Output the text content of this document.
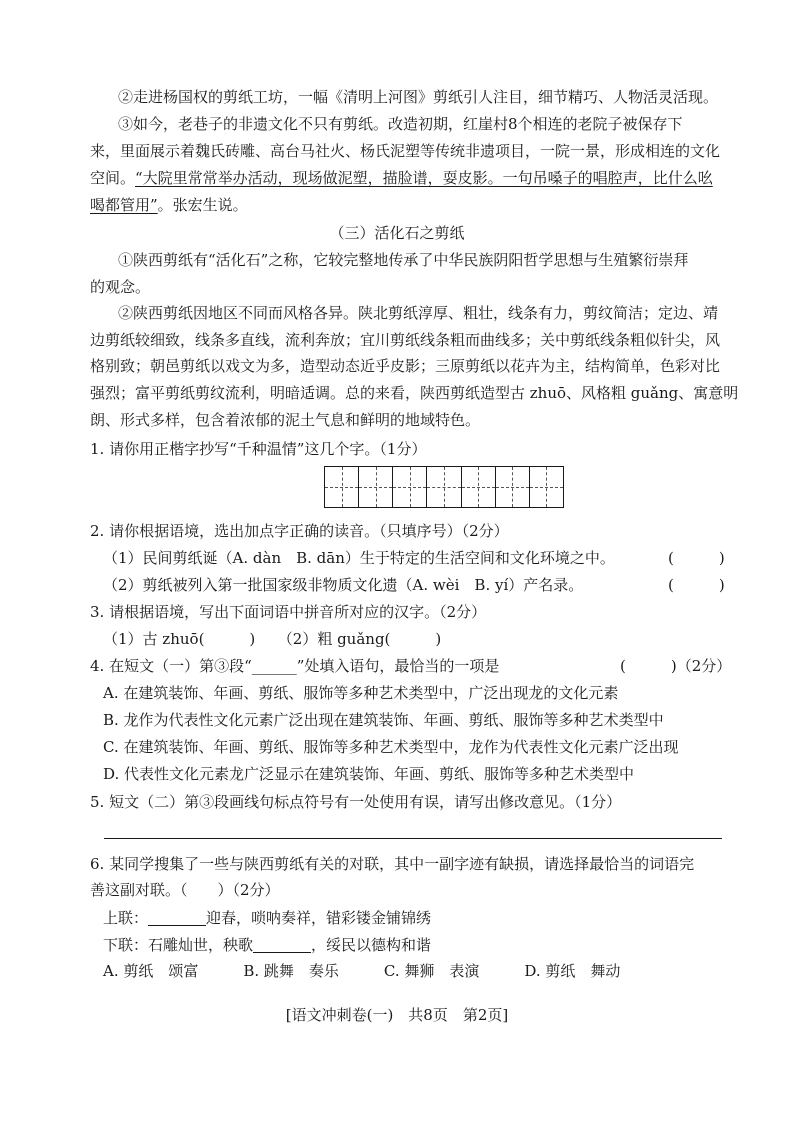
②走进杨国权的剪纸工坊，一幅《清明上河图》剪纸引人注目，细节精巧、人物活灵活现。
③如今，老巷子的非遗文化不只有剪纸。改造初期，红崖村8个相连的老院子被保存下
来，里面展示着魏氏砖雕、高台马社火、杨氏泥塑等传统非遗项目，一院一景，形成相连的文化
空间。“大院里常常举办活动，现场做泥塑，描脸谱，耍皮影。一句吊嗓子的唱腔声，比什么吆
喝都管用”。张宏生说。
（三）活化石之剪纸
①陕西剪纸有“活化石”之称，它较完整地传承了中华民族阴阳哲学思想与生殖繁衍崇拜
的观念。
②陕西剪纸因地区不同而风格各异。陕北剪纸淳厚、粗壮，线条有力，剪纹简洁；定边、靖
边剪纸较细致，线条多直线，流利奔放；宜川剪纸线条粗而曲线多；关中剪纸线条粗似针尖，风
格别致；朝邑剪纸以戏文为多，造型动态近乎皮影；三原剪纸以花卉为主，结构简单，色彩对比
强烈；富平剪纸剪纹流利，明暗适调。总的来看，陕西剪纸造型古 zhuō、风格粗 guǎng、寓意明
朗、形式多样，包含着浓郁的泥土气息和鲜明的地域特色。
1. 请你用正楷字抄写“千种温情”这几个字。（1分）
2. 请你根据语境，选出加点字正确的读音。（只填序号）（2分）
（1）民间剪纸诞（A. dàn　B. dān）生于特定的生活空间和文化环境之中。	(　　　)
（2）剪纸被列入第一批国家级非物质文化遗（A. wèi　B. yí）产名录。	(　　　)
3. 请根据语境，写出下面词语中拼音所对应的汉字。（2分）
（1）古 zhuō(　　　)　　（2）粗 guǎng(　　　)
4. 在短文（一）第③段“______”处填入语句，最恰当的一项是	(　　　)（2分）
A. 在建筑装饰、年画、剪纸、服饰等多种艺术类型中，广泛出现龙的文化元素
B. 龙作为代表性文化元素广泛出现在建筑装饰、年画、剪纸、服饰等多种艺术类型中
C. 在建筑装饰、年画、剪纸、服饰等多种艺术类型中，龙作为代表性文化元素广泛出现
D. 代表性文化元素龙广泛显示在建筑装饰、年画、剪纸、服饰等多种艺术类型中
5. 短文（二）第③段画线句标点符号有一处使用有误，请写出修改意见。（1分）
6. 某同学搜集了一些与陕西剪纸有关的对联，其中一副字迹有缺损，请选择最恰当的词语完
善这副对联。（　　）（2分）
上联：	迎春，唢呐奏祥，错彩镂金铺锦绣
下联：石雕灿世，秧歌	，绥民以德构和谐
A. 剪纸　颂富　　　B. 跳舞　奏乐　　　C. 舞狮　表演　　　D. 剪纸　舞动
[语文冲刺卷(一)　共8页　第2页]
